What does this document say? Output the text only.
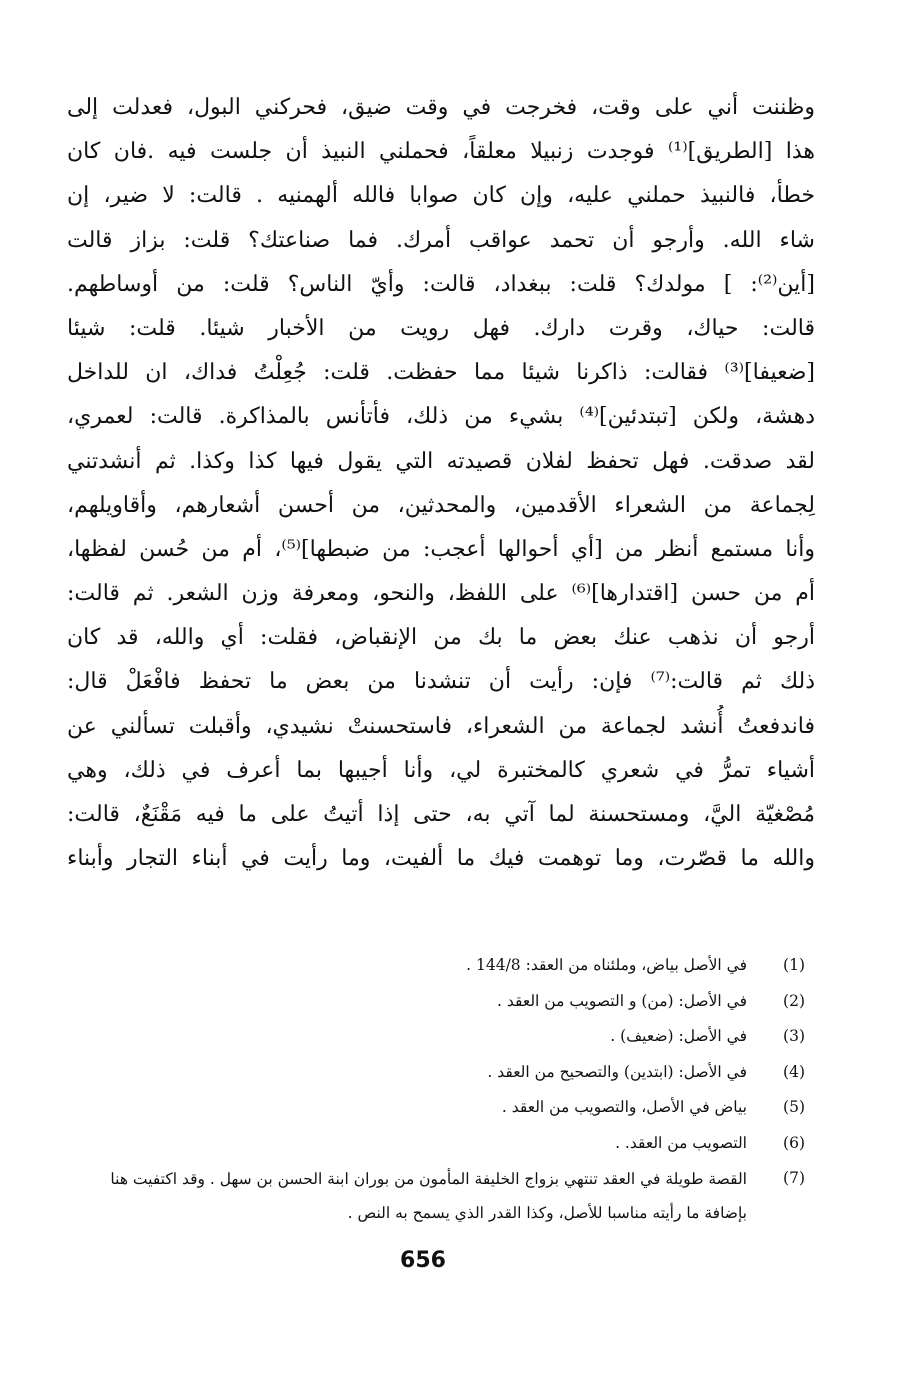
وظننت أني على وقت، فخرجت في وقت ضيق، فحركني البول، فعدلت إلى
هذا [الطريق]⁽¹⁾ فوجدت زنبيلا معلقاً، فحملني النبيذ أن جلست فيه .فان كان
خطأ، فالنبيذ حملني عليه، وإن كان صوابا فالله ألهمنيه . قالت: لا ضير، إن
شاء الله. وأرجو أن تحمد عواقب أمرك. فما صناعتك؟ قلت: بزاز قالت
[أين⁽²⁾: ] مولدك؟ قلت: ببغداد، قالت: وأيّ الناس؟ قلت: من أوساطهم.
قالت: حياك، وقرت دارك. فهل رويت من الأخبار شيئا. قلت: شيئا
[ضعيفا]⁽³⁾ فقالت: ذاكرنا شيئا مما حفظت. قلت: جُعِلْتُ فداك، ان للداخل
دهشة، ولكن [تبتدئين]⁽⁴⁾ بشيء من ذلك، فأتأنس بالمذاكرة. قالت: لعمري،
لقد صدقت. فهل تحفظ لفلان قصيدته التي يقول فيها كذا وكذا. ثم أنشدتني
لِجماعة من الشعراء الأقدمين، والمحدثين، من أحسن أشعارهم، وأقاويلهم،
وأنا مستمع أنظر من [أي أحوالها أعجب: من ضبطها]⁽⁵⁾، أم من حُسن لفظها،
أم من حسن [اقتدارها]⁽⁶⁾ على اللفظ، والنحو، ومعرفة وزن الشعر. ثم قالت:
أرجو أن نذهب عنك بعض ما بك من الإنقباض، فقلت: أي والله، قد كان
ذلك ثم قالت:⁽⁷⁾ فإن: رأيت أن تنشدنا من بعض ما تحفظ فافْعَلْ قال:
فاندفعتُ أُنشد لجماعة من الشعراء، فاستحسنتْ نشيدي، وأقبلت تسألني عن
أشياء تمرُّ في شعري كالمختبرة لي، وأنا أجيبها بما أعرف في ذلك، وهي
مُصْغيّة اليَّ، ومستحسنة لما آتي به، حتى إذا أتيتُ على ما فيه مَقْنَعٌ، قالت:
والله ما قصّرت، وما توهمت فيك ما ألفيت، وما رأيت في أبناء التجار وأبناء
(1)
في الأصل بياض، وملئناه من العقد: 144/8 .
(2)
في الأصل: (من) و التصويب من العقد .
(3)
في الأصل: (ضعيف) .
(4)
في الأصل: (ابتدين) والتصحيح من العقد .
(5)
بياض في الأصل، والتصويب من العقد .
(6)
التصويب من العقد. .
(7)
القصة طويلة في العقد تنتهي بزواج الخليفة المأمون من بوران ابنة الحسن بن سهل . وقد اكتفيت هنا بإضافة ما رأيته مناسبا للأصل، وكذا القدر الذي يسمح به النص .
656
